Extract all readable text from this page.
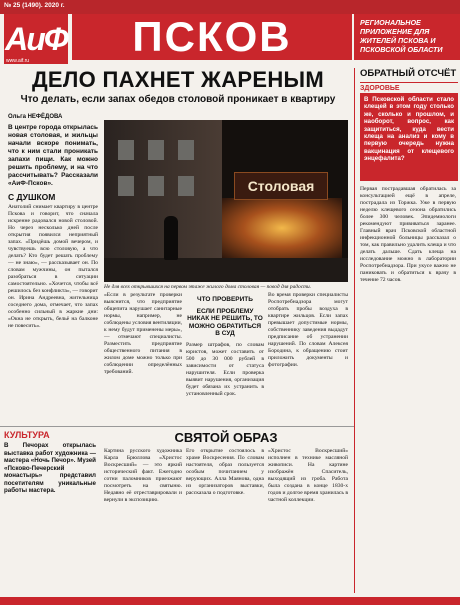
№ 25 (1490). 2020 г.
АиФ
www.aif.ru
ПСКОВ	РЕГИОНАЛЬНОЕ ПРИЛОЖЕНИЕ ДЛЯ ЖИТЕЛЕЙ ПСКОВА И ПСКОВСКОЙ ОБЛАСТИ
ДЕЛО ПАХНЕТ ЖАРЕНЫМ
Что делать, если запах обедов столовой проникает в квартиру
Ольга НЕФЁДОВА
В центре города открылась новая столовая, и жильцы начали вскоре понимать, что к ним стали проникать запахи пищи. Как можно решить проблему, и на что рассчитывать? Рассказали «АиФ-Псков».
С ДУШКОМ
Анатолий снимает квартиру в центре Пскова и говорит, что сначала искренне радовался новой столовой. Но через несколько дней после открытия появился неприятный запах. «Придёшь домой вечером, и чувствуешь всю столовую, а что делать? Кто будет решать проблему — не знаю», — рассказывает он. По словам мужчины, он пытался разобраться в ситуации самостоятельно. «Хочется, чтобы всё решилось без конфликта», — говорит он. Ирина Андреевна, жительница соседнего дома, отмечает, что запах особенно сильный в жаркие дни: «Окна не открыть, бельё на балконе не повесить».
Столовая
Не для всех открывшихся на первом этаже жилого дома столовая — повод для радости.
«Если в результате проверки выяснится, что предприятие общепита нарушает санитарные нормы, например, не соблюдены условия вентиляции, к нему будут применены меры», — отмечают специалисты. Разместить предприятие общественного питания в жилом доме можно только при соблюдении определённых требований.
ЧТО ПРОВЕРИТЬ
ЕСЛИ ПРОБЛЕМУ НИКАК НЕ РЕШИТЬ, ТО МОЖНО ОБРАТИТЬСЯ В СУД
Размер штрафов, по словам юристов, может составить от 500 до 30 000 рублей в зависимости от статуса нарушителя. Если проверка выявит нарушения, организация будет обязана их устранить в установленный срок.
Во время проверки специалисты Роспотребнадзора могут отобрать пробы воздуха в квартире жильцов. Если запах превышает допустимые нормы, собственнику заведения выдадут предписание об устранении нарушений. По словам Алексея Бородина, к обращению стоит приложить документы и фотографии.
ОБРАТНЫЙ ОТСЧЁТ
ЗДОРОВЬЕ
В Псковской области стало клещей в этом году столько же, сколько и прошлом, и наоборот, вопрос, как защититься, куда вести клеща на анализ и кому в первую очередь нужна вакцинация от клещевого энцефалита?
Первая пострадавшая обратилась за консультацией ещё в апреле, пострадала из Торжка. Уже в первую неделю клещевого сезона обратились более 300 человек. Эпидемиологи рекомендуют прививаться заранее. Главный врач Псковской областной инфекционной больницы рассказал о том, как правильно удалить клеща и что делать дальше. Сдать клеща на исследование можно в лаборатории Роспотребнадзора. При укусе важно не паниковать и обратиться к врачу в течение 72 часов.
КУЛЬТУРА
В Печорах открылась выставка работ художника — мастера «Ночь Печор». Музей «Псково-Печерский монастырь» представил посетителям уникальные работы мастера.
СВЯТОЙ ОБРАЗ
Картина русского художника Карла Брюллова «Христос Воскресший» — это яркий исторический факт. Ежегодно сотни паломников приезжают посмотреть на святыню. Недавно её отреставрировали и вернули в экспозицию.
Его открытие состоялось в храме Воскресения. По словам настоятеля, образ пользуется особым почитанием у верующих. Алла Маянова, одна из организаторов выставки, рассказала о подготовке.
«Христос Воскресший» исполнен в технике масляной живописи. На картине изображён Спаситель, выходящий из гроба. Работа была создана в конце 1830-х годов и долгое время хранилась в частной коллекции.
